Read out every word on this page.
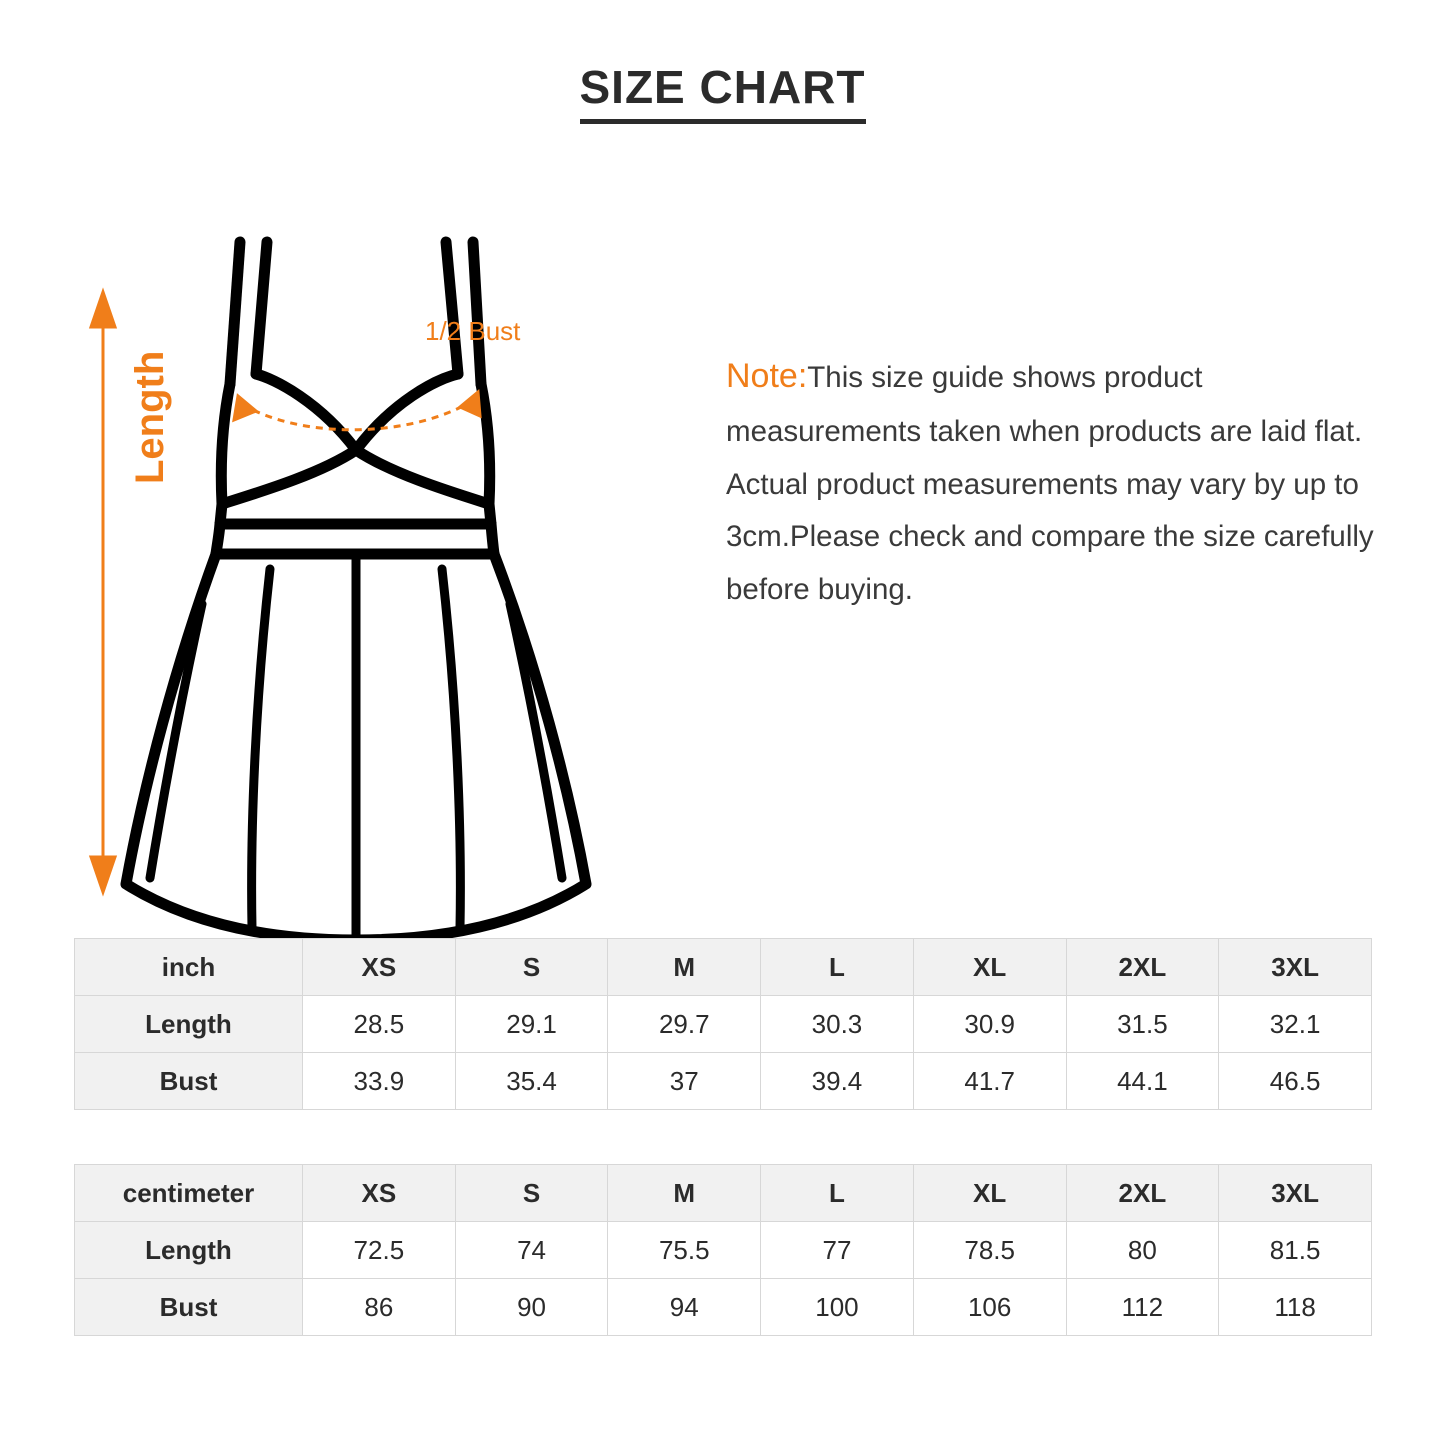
SIZE CHART
Length
1/2 Bust
Note:This size guide shows product measurements taken when products are laid flat. Actual product measurements may vary by up to 3cm.Please check and compare the size carefully before buying.
inch	XS	S	M	L	XL	2XL	3XL
Length	28.5	29.1	29.7	30.3	30.9	31.5	32.1
Bust	33.9	35.4	37	39.4	41.7	44.1	46.5

centimeter	XS	S	M	L	XL	2XL	3XL
Length	72.5	74	75.5	77	78.5	80	81.5
Bust	86	90	94	100	106	112	118
